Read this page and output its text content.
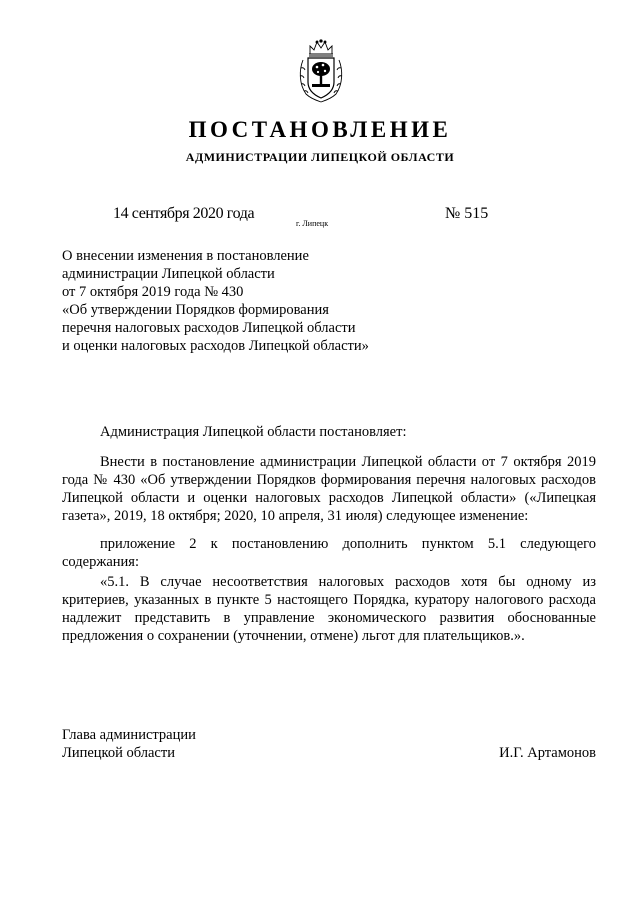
ПОСТАНОВЛЕНИЕ
АДМИНИСТРАЦИИ ЛИПЕЦКОЙ ОБЛАСТИ
14 сентября 2020 года
г. Липецк
№ 515
О внесении изменения в постановление
администрации Липецкой области
от 7 октября 2019 года № 430
«Об утверждении Порядков формирования
перечня налоговых расходов Липецкой области
и оценки налоговых расходов Липецкой области»

Администрация Липецкой области постановляет:

Внести в постановление администрации Липецкой области от 7 октября 2019 года № 430 «Об утверждении Порядков формирования перечня налоговых расходов Липецкой области и оценки налоговых расходов Липецкой области» («Липецкая газета», 2019, 18 октября; 2020, 10 апреля, 31 июля) следующее изменение:

приложение 2 к постановлению дополнить пунктом 5.1 следующего содержания:

«5.1. В случае несоответствия налоговых расходов хотя бы одному из критериев, указанных в пункте 5 настоящего Порядка, куратору налогового расхода надлежит представить в управление экономического развития обоснованные предложения о сохранении (уточнении, отмене) льгот для плательщиков.».

Глава администрации
Липецкой области	И.Г. Артамонов
